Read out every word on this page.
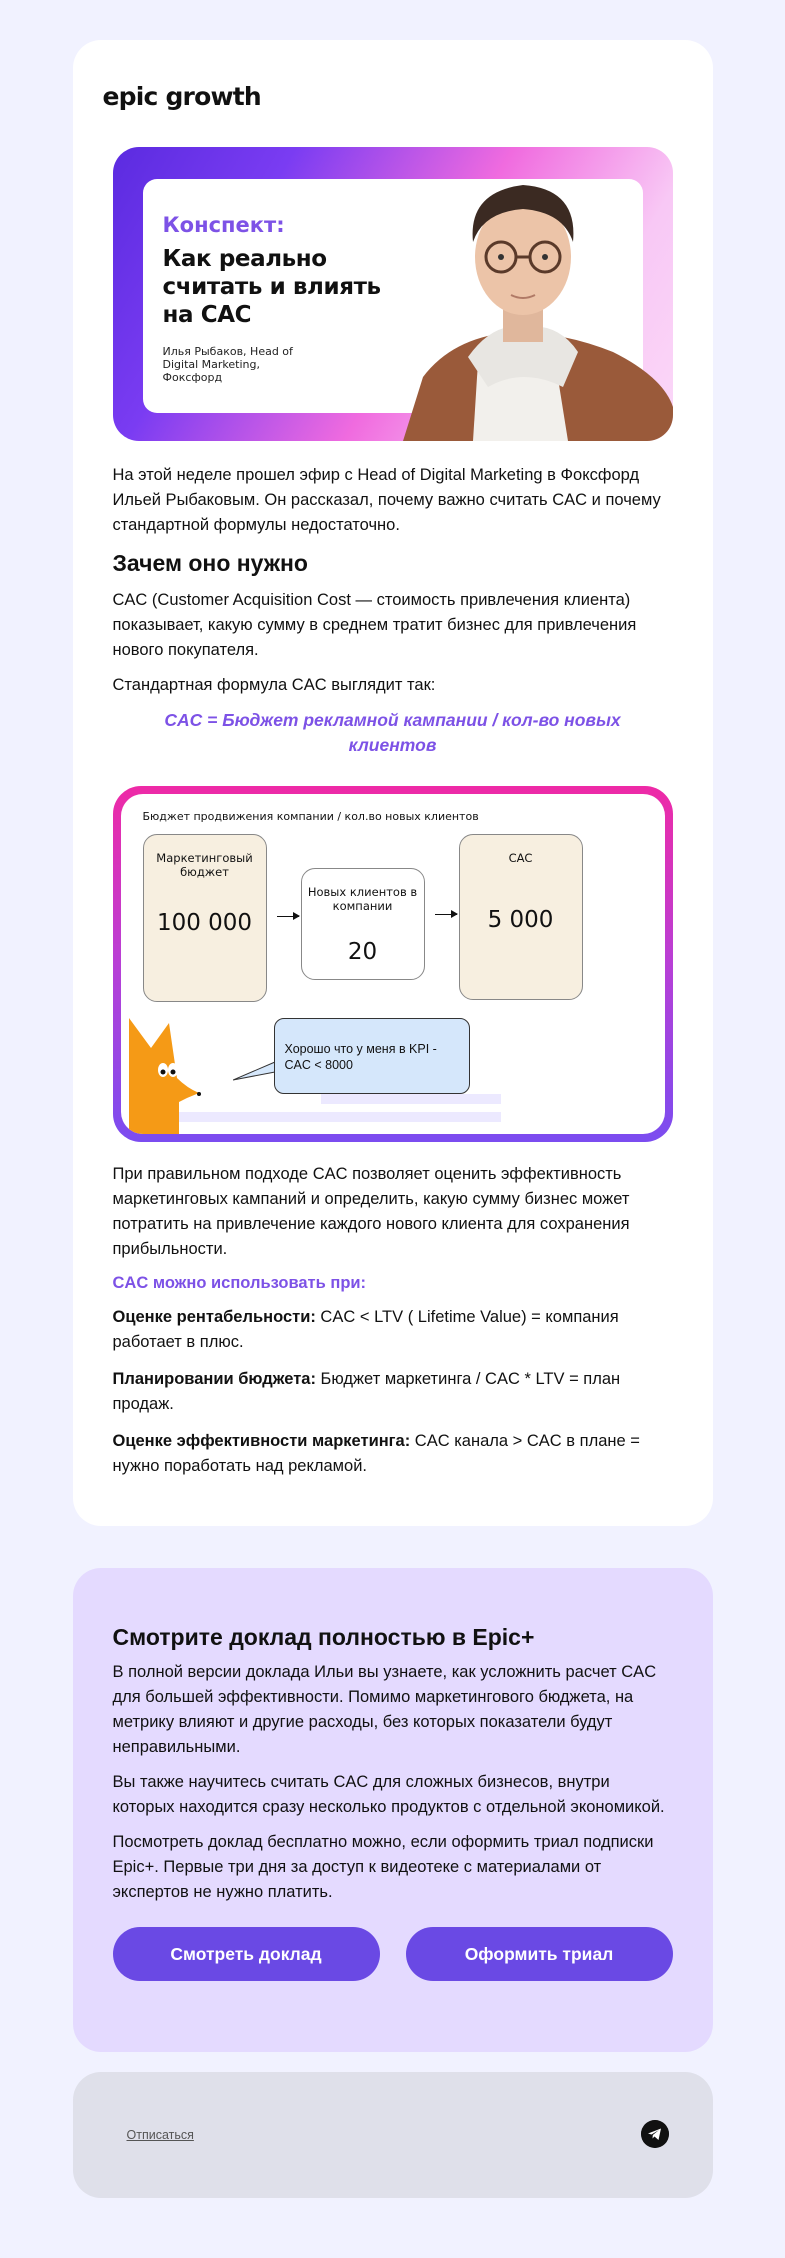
epic growth
Конспект:
Как реально считать и влиять на CAC
Илья Рыбаков, Head of Digital Marketing, Фоксфорд

На этой неделе прошел эфир с Head of Digital Marketing в Фоксфорд Ильей Рыбаковым. Он рассказал, почему важно считать CAC и почему стандартной формулы недостаточно.

Зачем оно нужно

CAC (Customer Acquisition Cost — стоимость привлечения клиента) показывает, какую сумму в среднем тратит бизнес для привлечения нового покупателя.

Стандартная формула CAC выглядит так:

CAC = Бюджет рекламной кампании / кол-во новых клиентов

Бюджет продвижения компании / кол.во новых клиентов
Маркетинговый бюджет
100 000
Новых клиентов в компании
20
CAC
5 000
Хорошо что у меня в KPI - CAC < 8000

При правильном подходе CAC позволяет оценить эффективность маркетинговых кампаний и определить, какую сумму бизнес может потратить на привлечение каждого нового клиента для сохранения прибыльности.

CAC можно использовать при:

Оценке рентабельности: CAC < LTV ( Lifetime Value) = компания работает в плюс.

Планировании бюджета: Бюджет маркетинга / CAC * LTV = план продаж.

Оценке эффективности маркетинга: CAC канала > CAC в плане = нужно поработать над рекламой.

Смотрите доклад полностью в Epic+

В полной версии доклада Ильи вы узнаете, как усложнить расчет CAC для большей эффективности. Помимо маркетингового бюджета, на метрику влияют и другие расходы, без которых показатели будут неправильными.

Вы также научитесь считать CAC для сложных бизнесов, внутри которых находится сразу несколько продуктов с отдельной экономикой.

Посмотреть доклад бесплатно можно, если оформить триал подписки Epic+. Первые три дня за доступ к видеотеке с материалами от экспертов не нужно платить.

Смотреть доклад	Оформить триал
Отписаться
